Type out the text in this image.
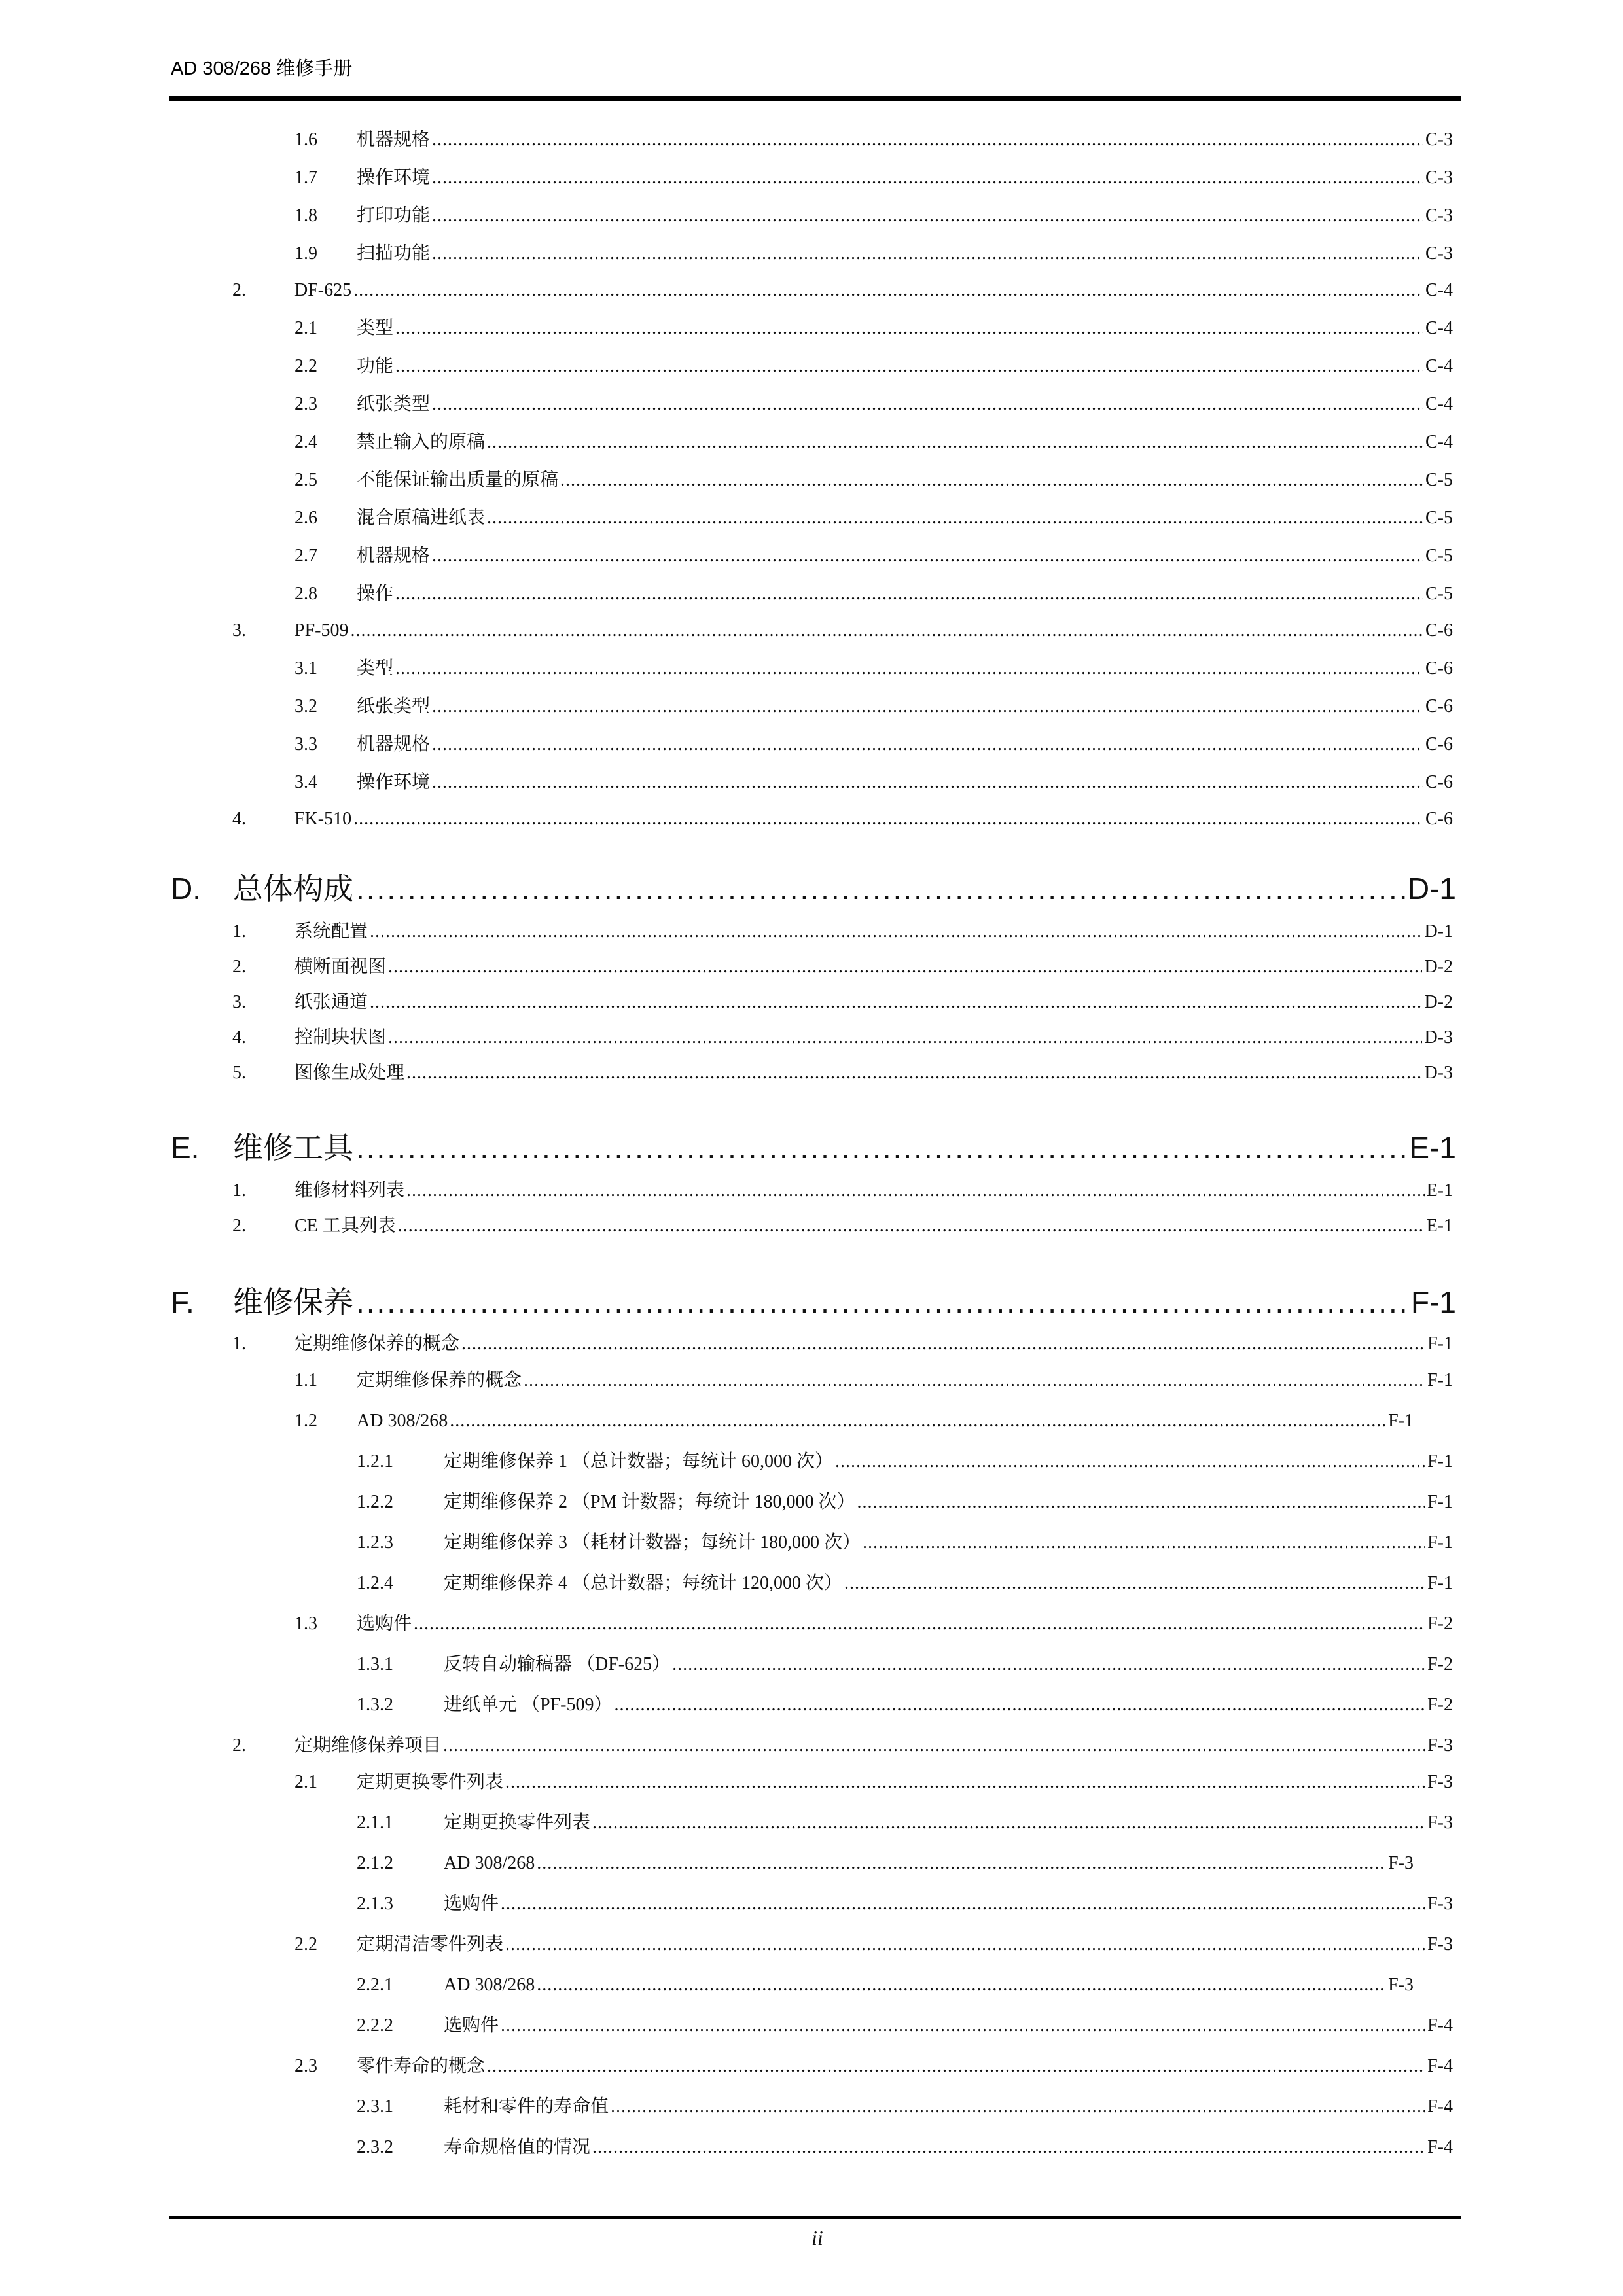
AD 308/268 维修手册
1.6 机器规格 .....	C-3
1.7 操作环境 .....	C-3
1.8 打印功能 .....	C-3
1.9 扫描功能 .....	C-3
2.	DF-625 .....	C-4
2.1 类型 .....	C-4
2.2 功能 .....	C-4
2.3 纸张类型 .....	C-4
2.4 禁止输入的原稿 .....	C-4
2.5 不能保证输出质量的原稿 .....	C-5
2.6 混合原稿进纸表 .....	C-5
2.7 机器规格 .....	C-5
2.8 操作 .....	C-5
3.	PF-509 .....	C-6
3.1 类型 .....	C-6
3.2 纸张类型 .....	C-6
3.3 机器规格 .....	C-6
3.4 操作环境 .....	C-6
4.	FK-510 .....	C-6
D. 总体构成 .....	D-1
1.	系统配置 .....	D-1
2.	横断面视图 .....	D-2
3.	纸张通道 .....	D-2
4.	控制块状图 .....	D-3
5.	图像生成处理 .....	D-3
E. 维修工具 .....	E-1
1.	维修材料列表 .....	E-1
2.	CE 工具列表 .....	E-1
F. 维修保养 .....	F-1
1.	定期维修保养的概念 .....	F-1
1.1 定期维修保养的概念 .....	F-1
1.2 AD 308/268 .....	F-1
1.2.1	定期维修保养 1 （总计数器；每统计 60,000 次） .....	F-1
1.2.2	定期维修保养 2 （PM 计数器；每统计 180,000 次） .....	F-1
1.2.3	定期维修保养 3 （耗材计数器；每统计 180,000 次） .....	F-1
1.2.4	定期维修保养 4 （总计数器；每统计 120,000 次） .....	F-1
1.3 选购件 .....	F-2
1.3.1	反转自动输稿器 （DF-625） .....	F-2
1.3.2	进纸单元 （PF-509） .....	F-2
2.	定期维修保养项目 .....	F-3
2.1 定期更换零件列表 .....	F-3
2.1.1	定期更换零件列表 .....	F-3
2.1.2	AD 308/268 .....	F-3
2.1.3	选购件 .....	F-3
2.2 定期清洁零件列表 .....	F-3
2.2.1	AD 308/268 .....	F-3
2.2.2	选购件 .....	F-4
2.3 零件寿命的概念 .....	F-4
2.3.1	耗材和零件的寿命值 .....	F-4
2.3.2	寿命规格值的情况 .....	F-4
ii
